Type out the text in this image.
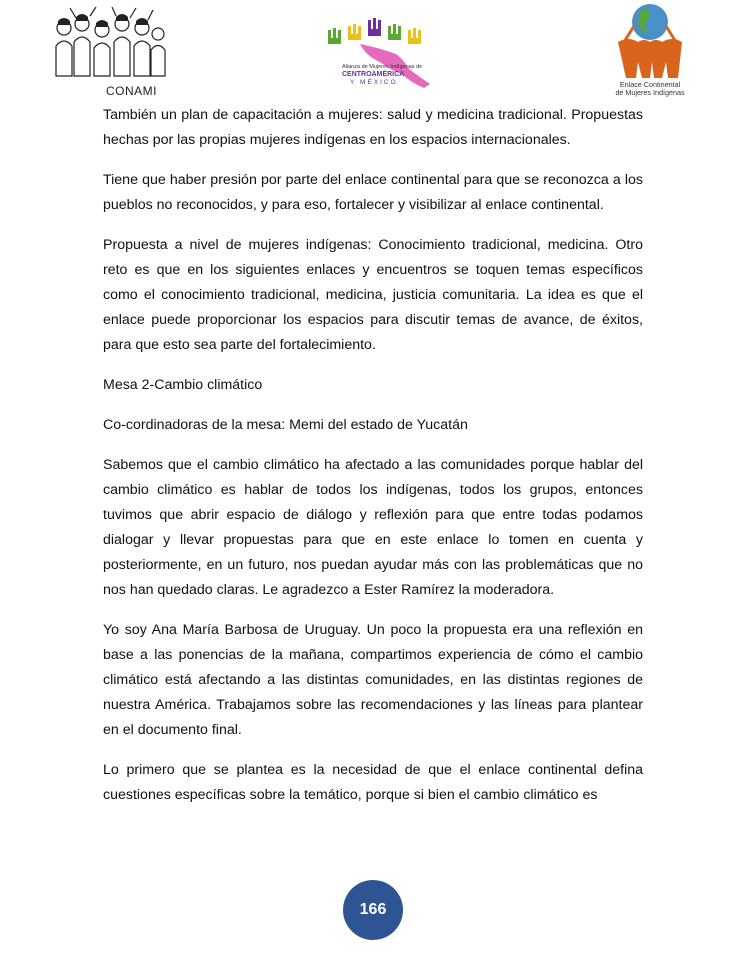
CONAMI
Alianza de Mujeres Indígenas de
CENTROAMÉRICA
Y MÉXICO	Enlace Continental
de Mujeres Indígenas

También un plan de capacitación a mujeres: salud y medicina tradicional. Propuestas hechas por las propias mujeres indígenas en los espacios internacionales.

Tiene que haber presión por parte del enlace continental para que se reconozca a los pueblos no reconocidos, y para eso, fortalecer y visibilizar al enlace continental.

Propuesta a nivel de mujeres indígenas: Conocimiento tradicional, medicina. Otro reto es que en los siguientes enlaces y encuentros se toquen temas específicos como el conocimiento tradicional, medicina, justicia comunitaria. La idea es que el enlace puede proporcionar los espacios para discutir temas de avance, de éxitos, para que esto sea parte del fortalecimiento.

Mesa 2-Cambio climático

Co-cordinadoras de la mesa: Memi del estado de Yucatán

Sabemos que el cambio climático ha afectado a las comunidades porque hablar del cambio climático es hablar de todos los indígenas, todos los grupos, entonces tuvimos que abrir espacio de diálogo y reflexión para que entre todas podamos dialogar y llevar propuestas para que en este enlace lo tomen en cuenta y posteriormente, en un futuro, nos puedan ayudar más con las problemáticas que no nos han quedado claras. Le agradezco a Ester Ramírez la moderadora.

Yo soy Ana María Barbosa de Uruguay. Un poco la propuesta era una reflexión en base a las ponencias de la mañana, compartimos experiencia de cómo el cambio climático está afectando a las distintas comunidades, en las distintas regiones de nuestra América. Trabajamos sobre las recomendaciones y las líneas para plantear en el documento final.

Lo primero que se plantea es la necesidad de que el enlace continental defina cuestiones específicas sobre la temático, porque si bien el cambio climático es

166
